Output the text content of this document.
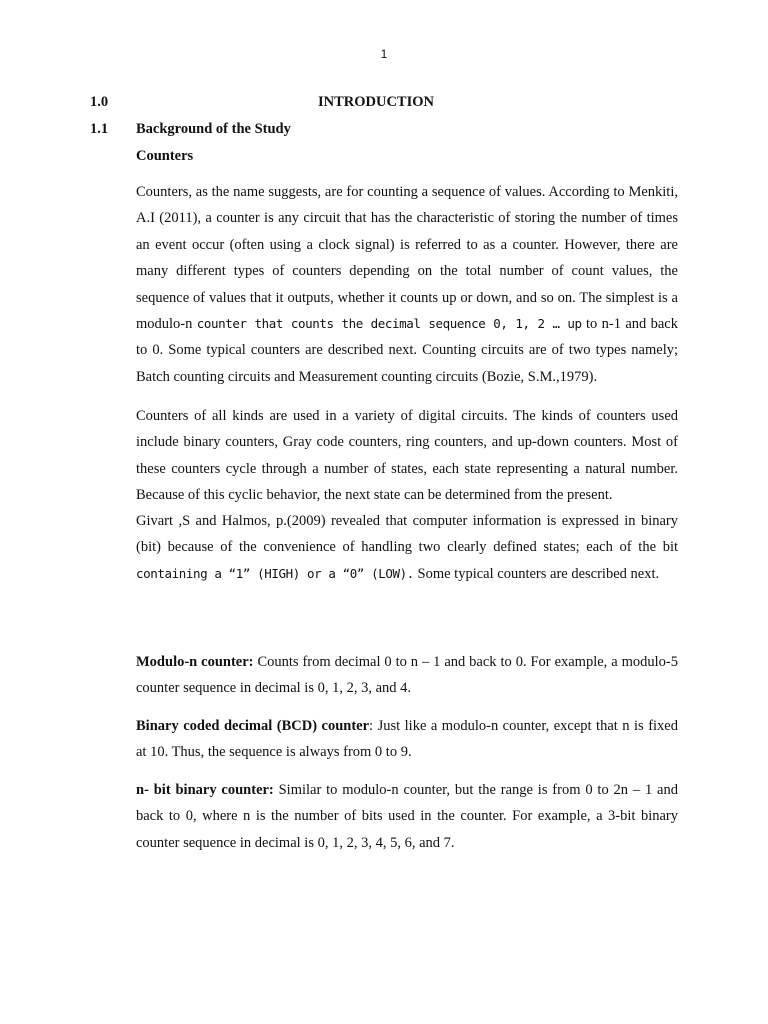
1
1.0	INTRODUCTION
1.1 Background of the Study
Counters

Counters, as the name suggests, are for counting a sequence of values. According to Menkiti, A.I (2011), a counter is any circuit that has the characteristic of storing the number of times an event occur (often using a clock signal) is referred to as a counter. However, there are many different types of counters depending on the total number of count values, the sequence of values that it outputs, whether it counts up or down, and so on. The simplest is a modulo-n counter that counts the decimal sequence 0, 1, 2 … up to n-1 and back to 0. Some typical counters are described next. Counting circuits are of two types namely; Batch counting circuits and Measurement counting circuits (Bozie, S.M.,1979).

Counters of all kinds are used in a variety of digital circuits. The kinds of counters used include binary counters, Gray code counters, ring counters, and up-down counters. Most of these counters cycle through a number of states, each state representing a natural number. Because of this cyclic behavior, the next state can be determined from the present.

Givart ,S and Halmos, p.(2009) revealed that computer information is expressed in binary (bit) because of the convenience of handling two clearly defined states; each of the bit containing a “1” (HIGH) or a “0” (LOW). Some typical counters are described next.

Modulo-n counter: Counts from decimal 0 to n – 1 and back to 0. For example, a modulo-5 counter sequence in decimal is 0, 1, 2, 3, and 4.

Binary coded decimal (BCD) counter: Just like a modulo-n counter, except that n is fixed at 10. Thus, the sequence is always from 0 to 9.

n- bit binary counter: Similar to modulo-n counter, but the range is from 0 to 2n – 1 and back to 0, where n is the number of bits used in the counter. For example, a 3-bit binary counter sequence in decimal is 0, 1, 2, 3, 4, 5, 6, and 7.
